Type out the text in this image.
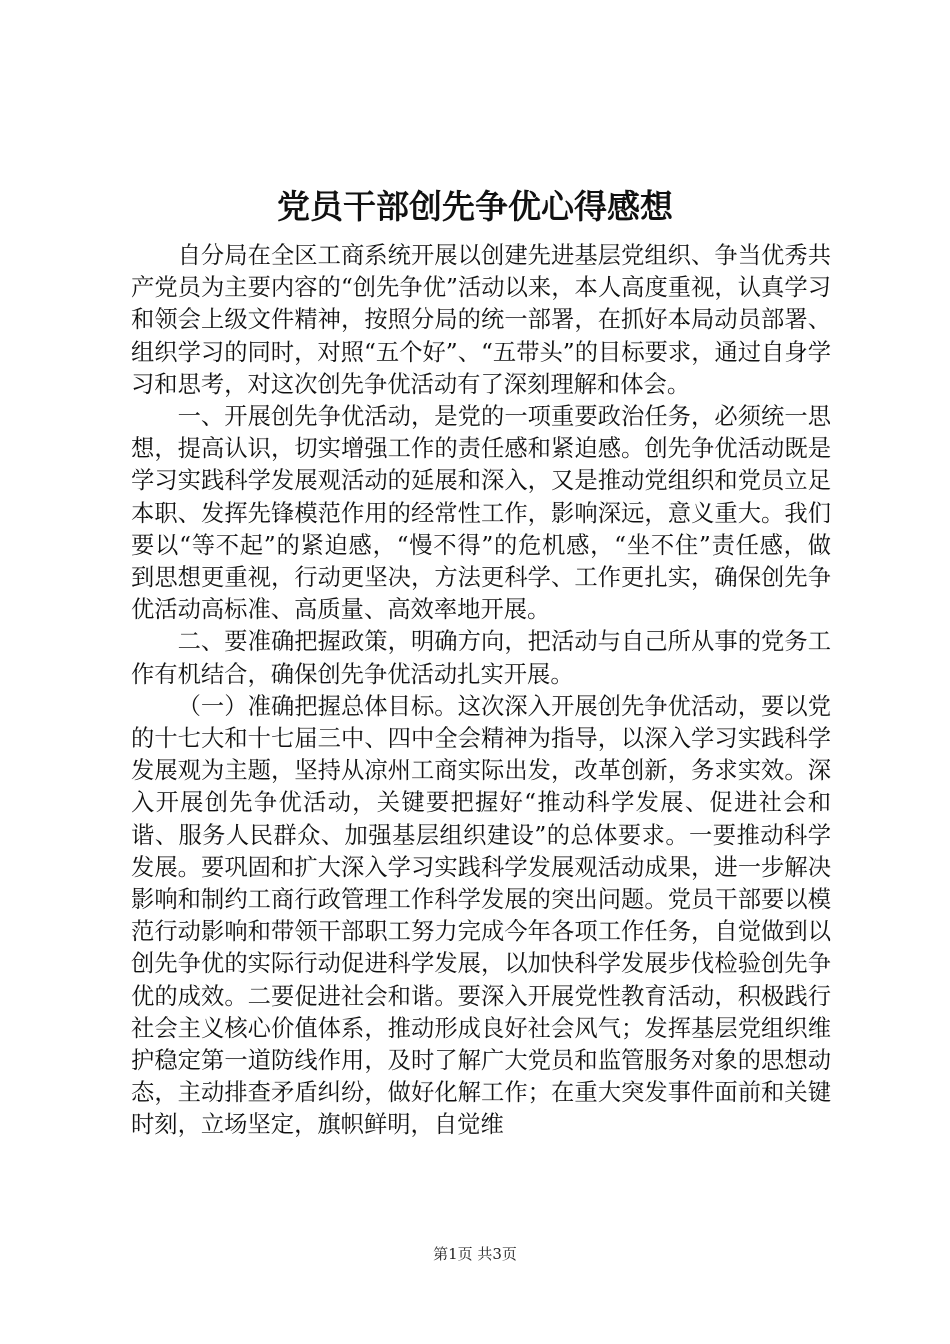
党员干部创先争优心得感想

自分局在全区工商系统开展以创建先进基层党组织、争当优秀共产党员为主要内容的“创先争优”活动以来，本人高度重视，认真学习和领会上级文件精神，按照分局的统一部署，在抓好本局动员部署、组织学习的同时，对照“五个好”、“五带头”的目标要求，通过自身学习和思考，对这次创先争优活动有了深刻理解和体会。

一、开展创先争优活动，是党的一项重要政治任务，必须统一思想，提高认识，切实增强工作的责任感和紧迫感。创先争优活动既是学习实践科学发展观活动的延展和深入，又是推动党组织和党员立足本职、发挥先锋模范作用的经常性工作，影响深远，意义重大。我们要以“等不起”的紧迫感，“慢不得”的危机感，“坐不住”责任感，做到思想更重视，行动更坚决，方法更科学、工作更扎实，确保创先争优活动高标准、高质量、高效率地开展。

二、要准确把握政策，明确方向，把活动与自己所从事的党务工作有机结合，确保创先争优活动扎实开展。

（一）准确把握总体目标。这次深入开展创先争优活动，要以党的十七大和十七届三中、四中全会精神为指导，以深入学习实践科学发展观为主题，坚持从凉州工商实际出发，改革创新，务求实效。深入开展创先争优活动，关键要把握好“推动科学发展、促进社会和谐、服务人民群众、加强基层组织建设”的总体要求。一要推动科学发展。要巩固和扩大深入学习实践科学发展观活动成果，进一步解决影响和制约工商行政管理工作科学发展的突出问题。党员干部要以模范行动影响和带领干部职工努力完成今年各项工作任务，自觉做到以创先争优的实际行动促进科学发展，以加快科学发展步伐检验创先争优的成效。二要促进社会和谐。要深入开展党性教育活动，积极践行社会主义核心价值体系，推动形成良好社会风气；发挥基层党组织维护稳定第一道防线作用，及时了解广大党员和监管服务对象的思想动态，主动排查矛盾纠纷，做好化解工作；在重大突发事件面前和关键时刻，立场坚定，旗帜鲜明，自觉维

第1页 共3页
